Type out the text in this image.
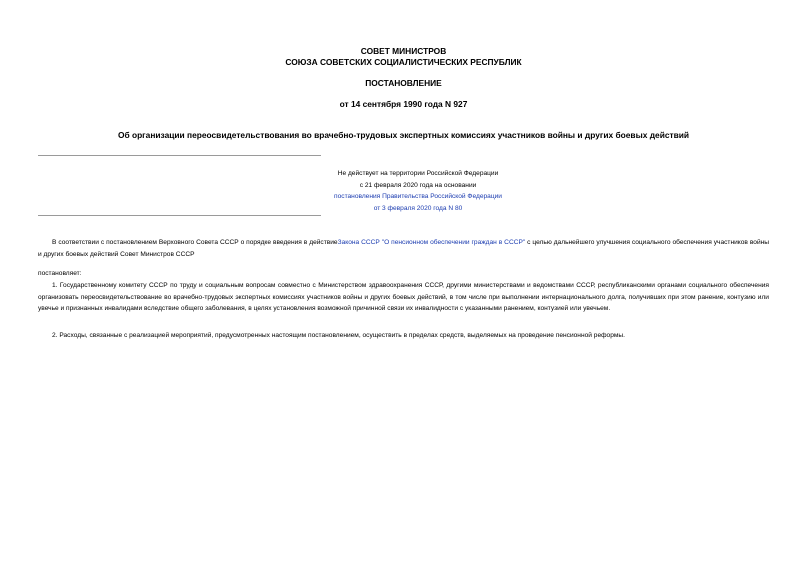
СОВЕТ МИНИСТРОВ
СОЮЗА СОВЕТСКИХ СОЦИАЛИСТИЧЕСКИХ РЕСПУБЛИК
ПОСТАНОВЛЕНИЕ
от 14 сентября 1990 года N 927
Об организации переосвидетельствования во врачебно-трудовых экспертных комиссиях участников войны и других боевых действий
Не действует на территории Российской Федерации
с 21 февраля 2020 года на основании
постановления Правительства Российской Федерации
от 3 февраля 2020 года N 80
В соответствии с постановлением Верховного Совета СССР о порядке введения в действиеЗакона СССР "О пенсионном обеспечении граждан в СССР" с целью дальнейшего улучшения социального обеспечения участников войны и других боевых действий Совет Министров СССР
постановляет:
1. Государственному комитету СССР по труду и социальным вопросам совместно с Министерством здравоохранения СССР, другими министерствами и ведомствами СССР, республиканскими органами социального обеспечения организовать переосвидетельствование во врачебно-трудовых экспертных комиссиях участников войны и других боевых действий, в том числе при выполнении интернационального долга, получивших при этом ранение, контузию или увечье и признанных инвалидами вследствие общего заболевания, в целях установления возможной причинной связи их инвалидности с указанными ранением, контузией или увечьем.
2. Расходы, связанные с реализацией мероприятий, предусмотренных настоящим постановлением, осуществить в пределах средств, выделяемых на проведение пенсионной реформы.
